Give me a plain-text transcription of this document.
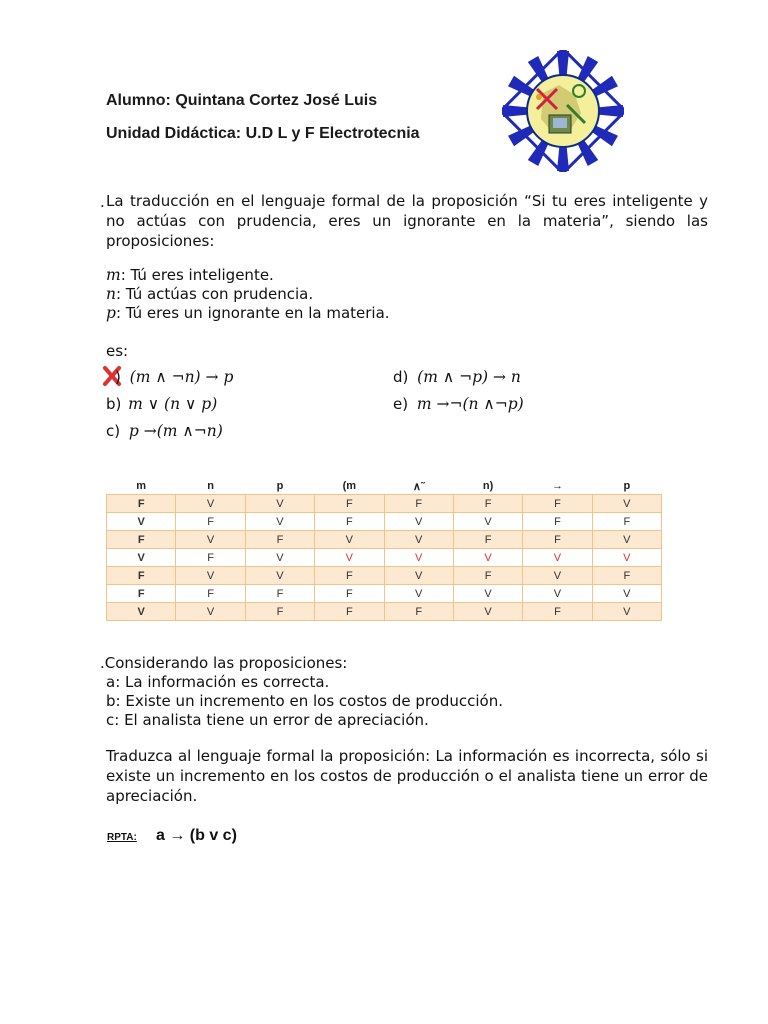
Alumno: Quintana Cortez José Luis
Unidad Didáctica: U.D L y F Electrotecnia
. La traducción en el lenguaje formal de la proposición “Si tu eres inteligente y no actúas con prudencia, eres un ignorante en la materia”, siendo las proposiciones:
m: Tú eres inteligente.
n: Tú actúas con prudencia.
p: Tú eres un ignorante en la materia.
es:
) (m ∧ ¬n) → p
b) m ∨ (n ∨ p)
c) p →(m ∧¬n)
d) (m ∧ ¬p) → n
e) m →¬(n ∧¬p)
m	n	p	(m	∧˜	n)	→	p
F	V	V	F	F	F	F	V
V	F	V	F	V	V	F	F
F	V	F	V	V	F	F	V
V	F	V	V	V	V	V	V
F	V	V	F	V	F	V	F
F	F	F	F	V	V	V	V
V	V	F	F	F	V	F	V
.Considerando las proposiciones:
a: La información es correcta.
b: Existe un incremento en los costos de producción.
c: El analista tiene un error de apreciación.
Traduzca al lenguaje formal la proposición: La información es incorrecta, sólo si existe un incremento en los costos de producción o el analista tiene un error de apreciación.
RPTA: a → (b v c)
